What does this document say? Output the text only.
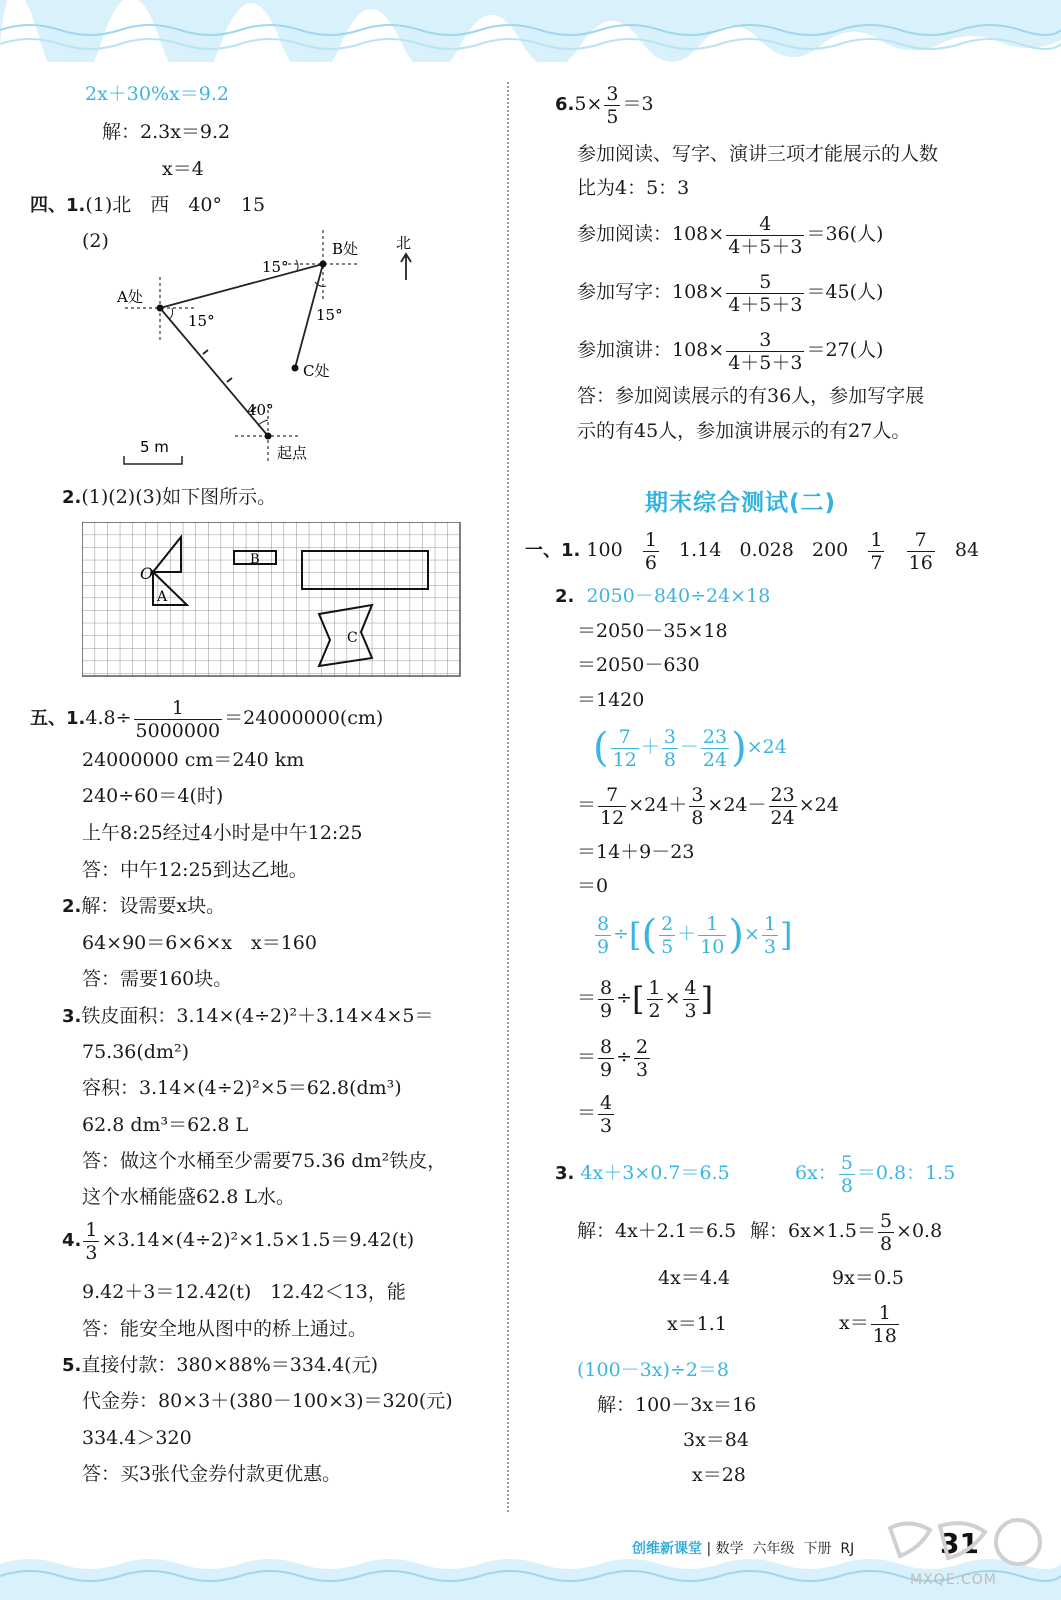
2x＋30%x＝9.2
解：2.3x＝9.2
x＝4
四、1.(1)北　西　40°　15
(2)	B处	北
A处
C处
起点
15°
15°	15°
40°
5 m
2.(1)(2)(3)如下图所示。
O
A
B
C
五、$1.4.8\div \frac{1}{5000000} =24000000(cm)$
24000000 cm＝240 km
240÷60＝4(时)
上午8:25经过4小时是中午12:25
答：中午12:25到达乙地。
2.解：设需要x块。
64×90＝6×6×x　x＝160
答：需要160块。
3.铁皮面积：3.14×(4÷2)²＋3.14×4×5＝
75.36(dm²)
容积：3.14×(4÷2)²×5＝62.8(dm³)
62.8 dm³＝62.8 L
答：做这个水桶至少需要75.36 dm²铁皮，
这个水桶能盛62.8 L水。
4. $\frac{1}{3} \times 3.14\times(4\div 2)^2\times 1.5\times 1.5=9.42(t)$
9.42＋3＝12.42(t)　12.42＜13，能
答：能安全地从图中的桥上通过。
5.直接付款：380×88%＝334.4(元)
代金券：80×3＋(380－100×3)＝320(元)
334.4＞320
答：买3张代金券付款更优惠。
$6.5\times \frac{3}{5} =3$
参加阅读、写字、演讲三项才能展示的人数
比为4：5：3
参加阅读：$108\times \frac{4}{4+5+3} =36$(人)
参加写字：$108\times \frac{5}{4+5+3} =45$(人)
参加演讲：$108\times \frac{3}{4+5+3} =27$(人)
答：参加阅读展示的有36人，参加写字展
示的有45人，参加演讲展示的有27人。
期末综合测试(二)
一、1. $100 \frac{1}{6} 1.14$ 0.028 $200 \frac{1}{7}$
$\frac{7}{16} 84$
2. 2050－840÷24×18
＝2050－35×18
＝2050－630
＝1420
( $\frac{7}{12} + \frac{3}{8} - \frac{23}{24} )\times 24$
＝ $\frac{7}{12} \times 24+ \frac{3}{8} \times 24- \frac{23}{24} \times 24$
＝14＋9－23
＝0
$\frac{8}{9}$ ÷[( $\frac{2}{5} + \frac{1}{10}$ )× $\frac{1}{3}$ ]
＝ $\frac{8}{9}$ ÷[ $\frac{1}{2} \times \frac{4}{3}$ ]
＝ $\frac{8}{9} \div \frac{2}{3}$
＝ $\frac{4}{3}$
3. 4x＋3×0.7＝6.5	6x： $\frac{5}{8} =0.8$：1.5
解：4x＋2.1＝6.5 解：$6x\times 1.5= \frac{5}{8} \times 0.8$
4x＝4.4	9x＝0.5
x＝1.1	$x= \frac{1}{18}$
(100－3x)÷2＝8
解：100－3x＝16
3x＝84
x＝28
创维新课堂 | 数学 六年级 下册 RJ	31
MXQE.COM
